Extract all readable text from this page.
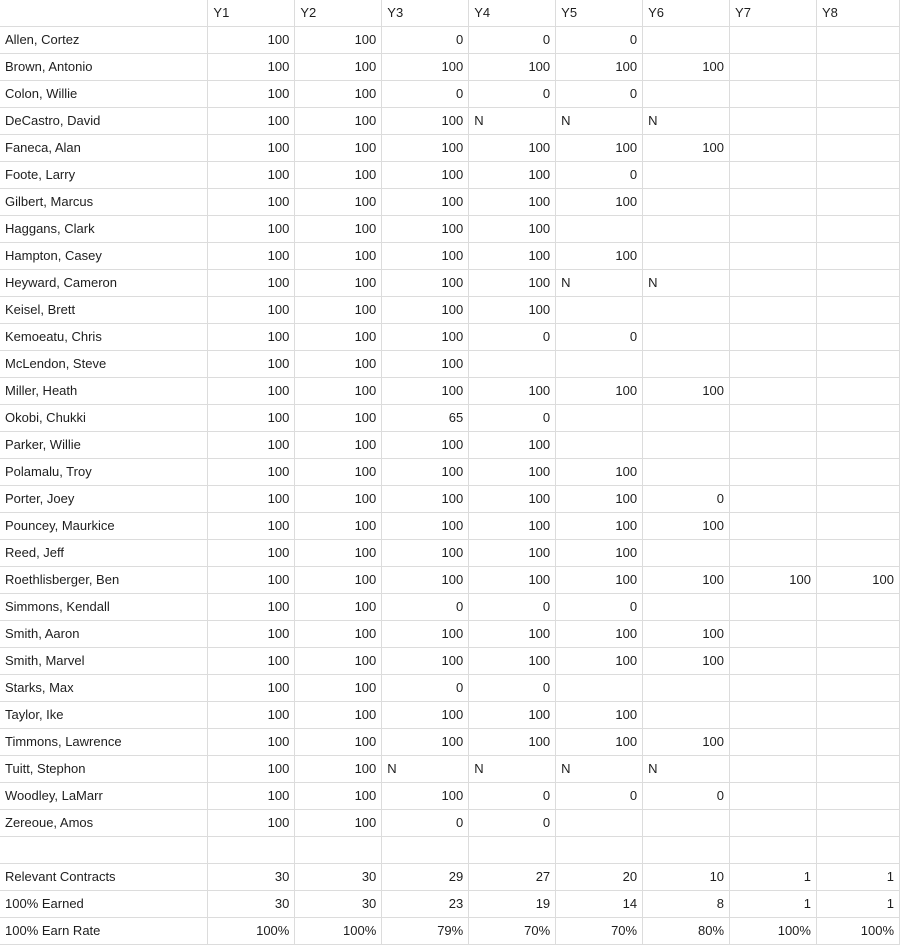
	Y1	Y2	Y3	Y4	Y5	Y6	Y7	Y8
Allen, Cortez	100	100	0	0	0			
Brown, Antonio	100	100	100	100	100	100		
Colon, Willie	100	100	0	0	0			
DeCastro, David	100	100	100	N	N	N		
Faneca, Alan	100	100	100	100	100	100		
Foote, Larry	100	100	100	100	0			
Gilbert, Marcus	100	100	100	100	100			
Haggans, Clark	100	100	100	100				
Hampton, Casey	100	100	100	100	100			
Heyward, Cameron	100	100	100	100	N	N		
Keisel, Brett	100	100	100	100				
Kemoeatu, Chris	100	100	100	0	0			
McLendon, Steve	100	100	100					
Miller, Heath	100	100	100	100	100	100		
Okobi, Chukki	100	100	65	0				
Parker, Willie	100	100	100	100				
Polamalu, Troy	100	100	100	100	100			
Porter, Joey	100	100	100	100	100	0		
Pouncey, Maurkice	100	100	100	100	100	100		
Reed, Jeff	100	100	100	100	100			
Roethlisberger, Ben	100	100	100	100	100	100	100	100
Simmons, Kendall	100	100	0	0	0			
Smith, Aaron	100	100	100	100	100	100		
Smith, Marvel	100	100	100	100	100	100		
Starks, Max	100	100	0	0				
Taylor, Ike	100	100	100	100	100			
Timmons, Lawrence	100	100	100	100	100	100		
Tuitt, Stephon	100	100	N	N	N	N		
Woodley, LaMarr	100	100	100	0	0	0		
Zereoue, Amos	100	100	0	0				

Relevant Contracts	30	30	29	27	20	10	1	1
100% Earned	30	30	23	19	14	8	1	1
100% Earn Rate	100%	100%	79%	70%	70%	80%	100%	100%
